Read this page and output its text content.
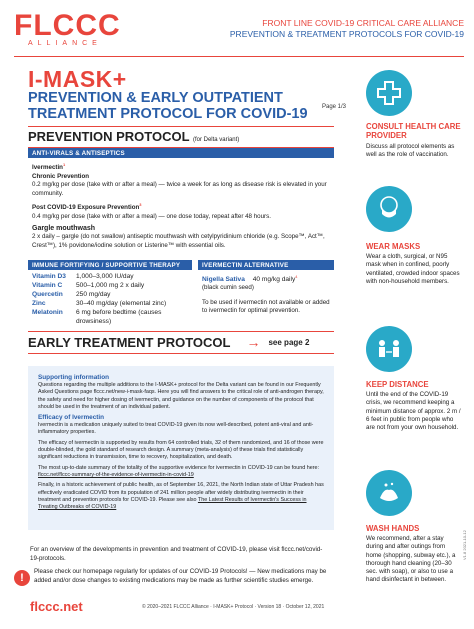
FLCCC
ALLIANCE
FRONT LINE COVID-19 CRITICAL CARE ALLIANCE
PREVENTION & TREATMENT PROTOCOLS FOR COVID-19
I-MASK+
PREVENTION & EARLY OUTPATIENT TREATMENT PROTOCOL FOR COVID-19	Page 1/3
PREVENTION PROTOCOL (for Delta variant)
ANTI-VIRALS & ANTISEPTICS
Ivermectin$^1$
Chronic Prevention
0.2 mg/kg per dose (take with or after a meal) — twice a week for as long as disease risk is elevated in your community.
Post COVID-19 Exposure Prevention$^3$
0.4 mg/kg per dose (take with or after a meal) — one dose today, repeat after 48 hours.
Gargle mouthwash
2 x daily – gargle (do not swallow) antiseptic mouthwash with cetylpyridinium chloride (e.g. Scope™, Act™, Crest™), 1% povidone/iodine solution or Listerine™ with essential oils.
IMMUNE FORTIFYING / SUPPORTIVE THERAPY
Vitamin D3	1,000–3,000 IU/day
Vitamin C	500–1,000 mg 2 x daily
Quercetin	250 mg/day
Zinc	30–40 mg/day (elemental zinc)
Melatonin	6 mg before bedtime (causes drowsiness)
IVERMECTIN ALTERNATIVE
Nigella Sativa 40 mg/kg daily$^4$
(black cumin seed)
To be used if ivermectin not available or added to ivermectin for optimal prevention.
EARLY TREATMENT PROTOCOL → see page 2
Supporting information
Questions regarding the multiple additions to the I-MASK+ protocol for the Delta variant can be found in our Frequently Asked Questions page flccc.net/new-i-mask-faqs. Here you will find answers to the critical role of anti-androgen therapy, the safety and need for higher dosing of ivermectin, and guidance on the number of components of the protocol that should be used in the treatment of an individual patient.
Efficacy of Ivermectin
Ivermectin is a medication uniquely suited to treat COVID-19 given its now well-described, potent anti-viral and anti-inflammatory properties.
The efficacy of ivermectin is supported by results from 64 controlled trials, 32 of them randomized, and 16 of those were double-blinded, the gold standard of research design. A summary (meta-analysis) of these trials find statistically significant reductions in transmission, time to recovery, hospitalization, and death.
The most up-to-date summary of the totality of the supportive evidence for ivermectin in COVID-19 can be found here:
flccc.net/flccc-summary-of-the-evidence-of-ivermectin-in-covid-19
Finally, in a historic achievement of public health, as of September 16, 2021, the North Indian state of Uttar Pradesh has effectively eradicated COVID from its population of 241 million people after widely distributing ivermectin in their treatment and prevention protocols for COVID-19. Please see also The Latest Results of Ivermectin's Success in Treating Outbreaks of COVID-19
For an overview of the developments in prevention and treatment of COVID-19, please visit flccc.net/covid-19-protocols.
!
Please check our homepage regularly for updates of our COVID-19 Protocols! — New medications may be added and/or dose changes to existing medications may be made as further scientific studies emerge.
flccc.net	© 2020–2021 FLCCC Alliance · I-MASK+ Protocol · Version 18 · October 12, 2021
V1.8 2021-10-12
CONSULT HEALTH CARE PROVIDER
Discuss all protocol elements as well as the role of vaccination.
WEAR MASKS
Wear a cloth, surgical, or N95 mask when in confined, poorly ventilated, crowded indoor spaces with non-household members.
KEEP DISTANCE
Until the end of the COVID-19 crisis, we recommend keeping a minimum distance of approx. 2 m / 6 feet in public from people who are not from your own household.
WASH HANDS
We recommend, after a stay during and after outings from home (shopping, subway etc.), a thorough hand cleaning (20–30 sec. with soap), or also to use a hand disinfectant in between.
